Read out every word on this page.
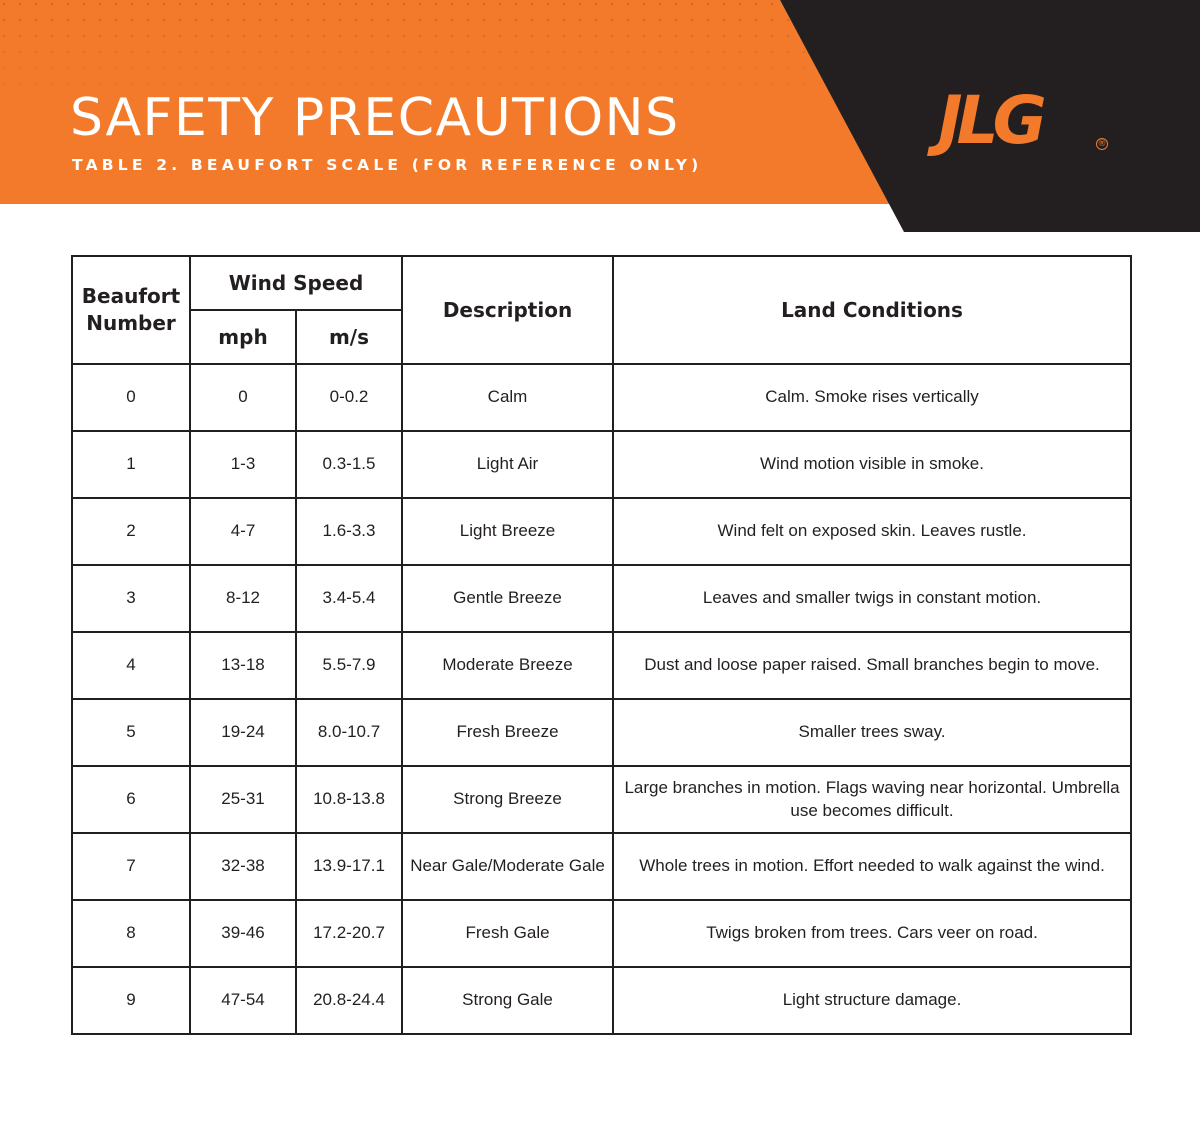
SAFETY PRECAUTIONS
TABLE 2. BEAUFORT SCALE (FOR REFERENCE ONLY)
JLG	®
Beaufort Number	Wind Speed		Description	Land Conditions
	mph	m/s		
0	0	0-0.2	Calm	Calm. Smoke rises vertically
1	1-3	0.3-1.5	Light Air	Wind motion visible in smoke.
2	4-7	1.6-3.3	Light Breeze	Wind felt on exposed skin. Leaves rustle.
3	8-12	3.4-5.4	Gentle Breeze	Leaves and smaller twigs in constant motion.
4	13-18	5.5-7.9	Moderate Breeze	Dust and loose paper raised. Small branches begin to move.
5	19-24	8.0-10.7	Fresh Breeze	Smaller trees sway.
6	25-31	10.8-13.8	Strong Breeze	Large branches in motion. Flags waving near horizontal. Umbrella use becomes difficult.
7	32-38	13.9-17.1	Near Gale/Moderate Gale	Whole trees in motion. Effort needed to walk against the wind.
8	39-46	17.2-20.7	Fresh Gale	Twigs broken from trees. Cars veer on road.
9	47-54	20.8-24.4	Strong Gale	Light structure damage.
